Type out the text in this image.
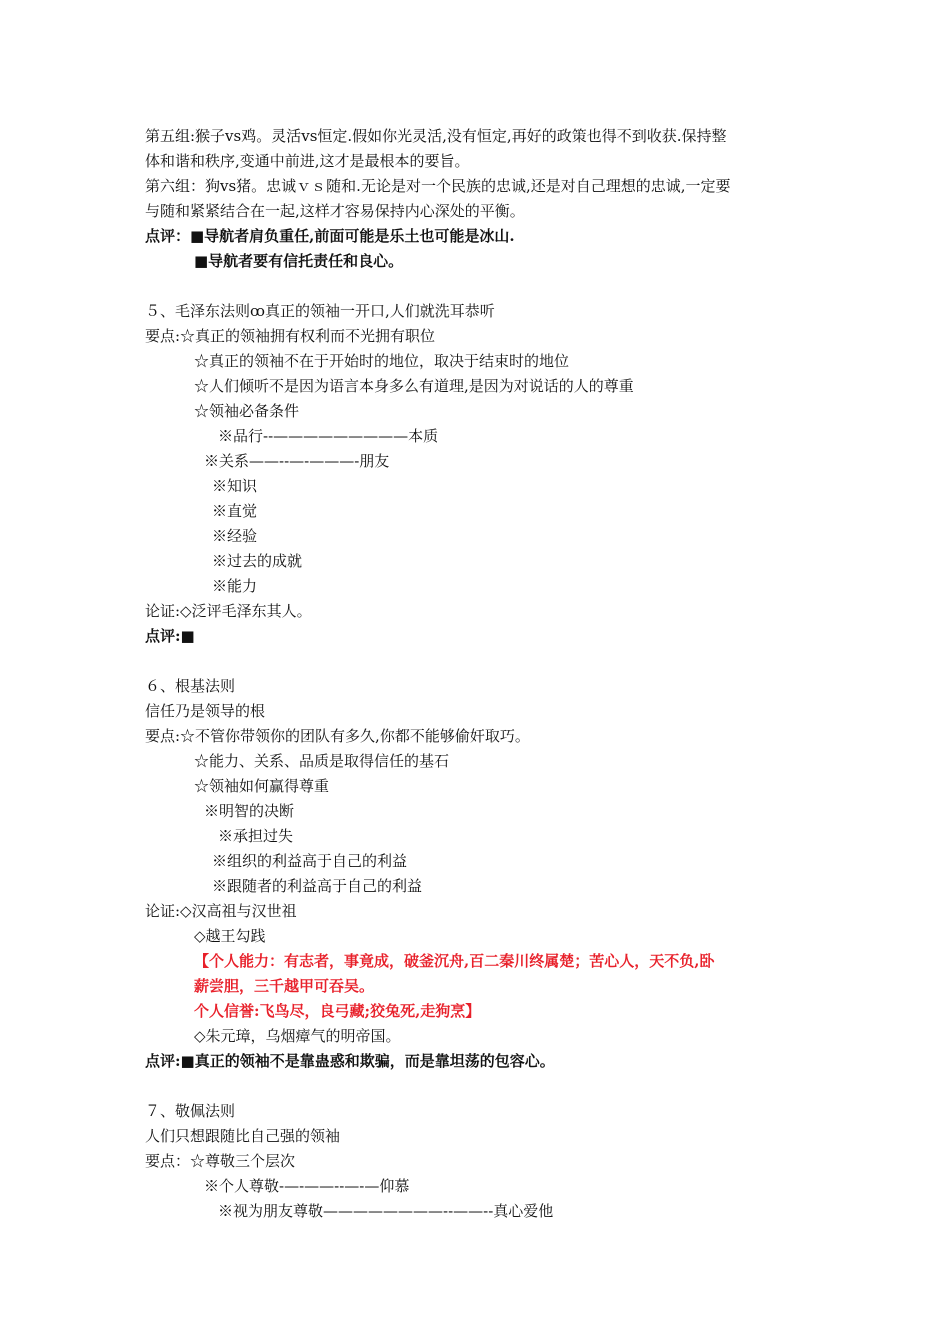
第五组:猴子vs鸡。灵活vs恒定.假如你光灵活,没有恒定,再好的政策也得不到收获.保持整
体和谐和秩序,变通中前进,这才是最根本的要旨。
第六组：狗vs猪。忠诚ｖｓ随和.无论是对一个民族的忠诚,还是对自己理想的忠诚,一定要
与随和紧紧结合在一起,这样才容易保持内心深处的平衡。
点评：■导航者肩负重任,前面可能是乐土也可能是冰山.
■导航者要有信托责任和良心。
５、毛泽东法则ꝏ真正的领袖一开口,人们就洗耳恭听
要点:☆真正的领袖拥有权利而不光拥有职位
☆真正的领袖不在于开始时的地位，取决于结束时的地位
☆人们倾听不是因为语言本身多么有道理,是因为对说话的人的尊重
☆领袖必备条件
※品行--—————————本质
※关系——--—-———-朋友
※知识
※直觉
※经验
※过去的成就
※能力
论证:◇泛评毛泽东其人。
点评:■
６、根基法则
信任乃是领导的根
要点:☆不管你带领你的团队有多久,你都不能够偷奸取巧。
☆能力、关系、品质是取得信任的基石
☆领袖如何赢得尊重
※明智的决断
※承担过失
※组织的利益高于自己的利益
※跟随者的利益高于自己的利益
论证:◇汉高祖与汉世祖
◇越王勾践
【个人能力：有志者，事竟成，破釜沉舟,百二秦川终属楚；苦心人，天不负,卧
薪尝胆，三千越甲可吞吴。
个人信誉:飞鸟尽，良弓藏;狡兔死,走狗烹】
◇朱元璋，乌烟瘴气的明帝国。
点评:■真正的领袖不是靠蛊惑和欺骗，而是靠坦荡的包容心。
７、敬佩法则
人们只想跟随比自己强的领袖
要点：☆尊敬三个层次
※个人尊敬-—-——--—-—仰慕
※视为朋友尊敬————————--——--真心爱他
